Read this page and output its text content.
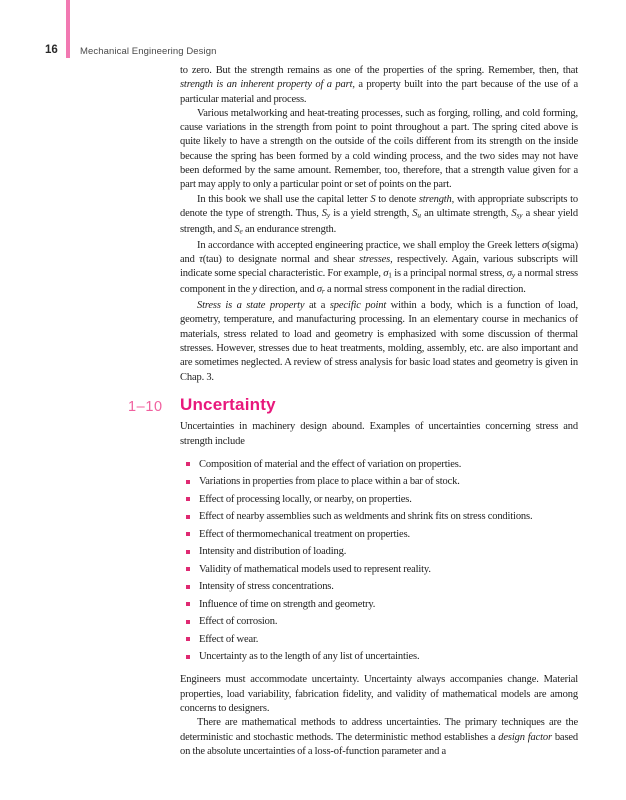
16 Mechanical Engineering Design

to zero. But the strength remains as one of the properties of the spring. Remember, then, that strength is an inherent property of a part, a property built into the part because of the use of a particular material and process.

Various metalworking and heat-treating processes, such as forging, rolling, and cold forming, cause variations in the strength from point to point throughout a part. The spring cited above is quite likely to have a strength on the outside of the coils different from its strength on the inside because the spring has been formed by a cold winding process, and the two sides may not have been deformed by the same amount. Remember, too, therefore, that a strength value given for a part may apply to only a particular point or set of points on the part.

In this book we shall use the capital letter S to denote strength, with appropriate subscripts to denote the type of strength. Thus, Sy is a yield strength, Su an ultimate strength, Ssy a shear yield strength, and Se an endurance strength.

In accordance with accepted engineering practice, we shall employ the Greek letters σ(sigma) and τ(tau) to designate normal and shear stresses, respectively. Again, various subscripts will indicate some special characteristic. For example, σ1 is a principal normal stress, σy a normal stress component in the y direction, and σr a normal stress component in the radial direction.

Stress is a state property at a specific point within a body, which is a function of load, geometry, temperature, and manufacturing processing. In an elementary course in mechanics of materials, stress related to load and geometry is emphasized with some discussion of thermal stresses. However, stresses due to heat treatments, molding, assembly, etc. are also important and are sometimes neglected. A review of stress analysis for basic load states and geometry is given in Chap. 3.

1–10 Uncertainty

Uncertainties in machinery design abound. Examples of uncertainties concerning stress and strength include

Composition of material and the effect of variation on properties.
Variations in properties from place to place within a bar of stock.
Effect of processing locally, or nearby, on properties.
Effect of nearby assemblies such as weldments and shrink fits on stress conditions.
Effect of thermomechanical treatment on properties.
Intensity and distribution of loading.
Validity of mathematical models used to represent reality.
Intensity of stress concentrations.
Influence of time on strength and geometry.
Effect of corrosion.
Effect of wear.
Uncertainty as to the length of any list of uncertainties.

Engineers must accommodate uncertainty. Uncertainty always accompanies change. Material properties, load variability, fabrication fidelity, and validity of mathematical models are among concerns to designers.

There are mathematical methods to address uncertainties. The primary techniques are the deterministic and stochastic methods. The deterministic method establishes a design factor based on the absolute uncertainties of a loss-of-function parameter and a
